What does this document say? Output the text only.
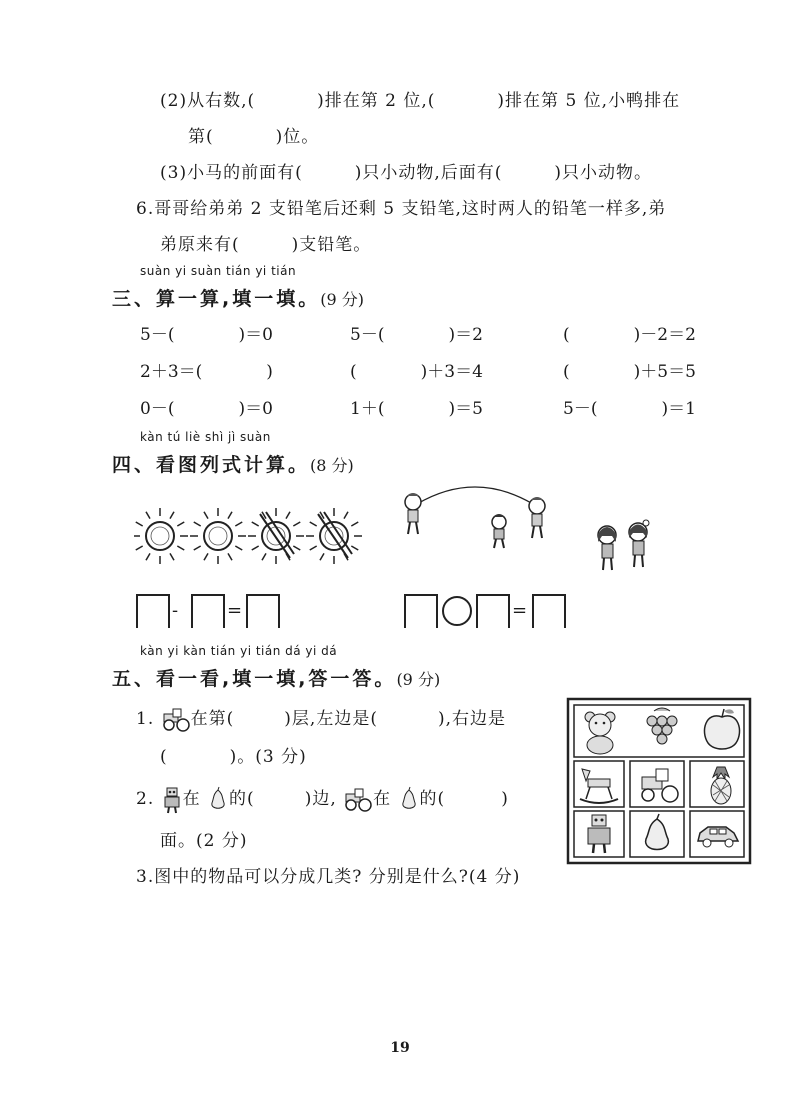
(2)从右数,(	)排在第 2 位,(	)排在第 5 位,小鸭排在
第(	)位。
(3)小马的前面有(	)只小动物,后面有(	)只小动物。
6.哥哥给弟弟 2 支铅笔后还剩 5 支铅笔,这时两人的铅笔一样多,弟
弟原来有(	)支铅笔。
suàn yi suàn tián yi tián
三、算一算,填一填。(9 分)
5－(	)＝0	5－(	)＝2	(	)－2＝2
2＋3＝(	)	(	)＋3＝4	(	)＋5＝5
0－(	)＝0	1＋(	)＝5	5－(	)＝1
kàn tú liè shì jì suàn
四、看图列式计算。(8 分)
-	=	=
kàn yi kàn tián yi tián dá yi dá
五、看一看,填一填,答一答。(9 分)
1. 在第(	)层,左边是(	),右边是
(	)。(3 分)
2. 在 的(	)边, 在 的(	)
面。(2 分)
3.图中的物品可以分成几类? 分别是什么?(4 分)
19
